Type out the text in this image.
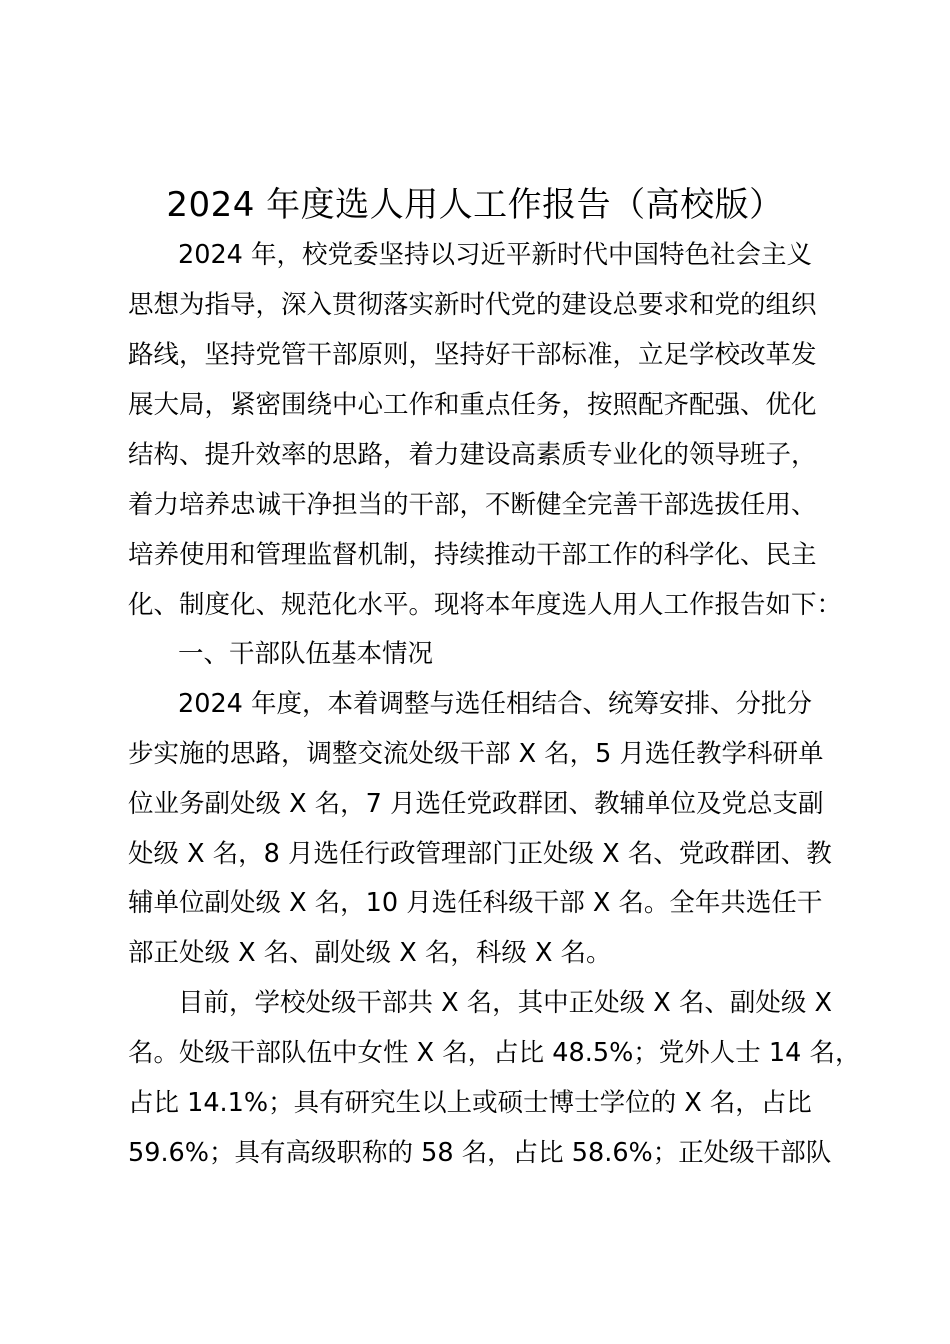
2024 年度选人用人工作报告（高校版）
2024 年，校党委坚持以习近平新时代中国特色社会主义
思想为指导，深入贯彻落实新时代党的建设总要求和党的组织
路线，坚持党管干部原则，坚持好干部标准，立足学校改革发
展大局，紧密围绕中心工作和重点任务，按照配齐配强、优化
结构、提升效率的思路，着力建设高素质专业化的领导班子，
着力培养忠诚干净担当的干部，不断健全完善干部选拔任用、
培养使用和管理监督机制，持续推动干部工作的科学化、民主
化、制度化、规范化水平。现将本年度选人用人工作报告如下：
一、干部队伍基本情况
2024 年度，本着调整与选任相结合、统筹安排、分批分
步实施的思路，调整交流处级干部 X 名，5 月选任教学科研单
位业务副处级 X 名，7 月选任党政群团、教辅单位及党总支副
处级 X 名，8 月选任行政管理部门正处级 X 名、党政群团、教
辅单位副处级 X 名，10 月选任科级干部 X 名。全年共选任干
部正处级 X 名、副处级 X 名，科级 X 名。
目前，学校处级干部共 X 名，其中正处级 X 名、副处级 X
名。处级干部队伍中女性 X 名，占比 48.5%；党外人士 14 名，
占比 14.1%；具有研究生以上或硕士博士学位的 X 名，占比
59.6%；具有高级职称的 58 名，占比 58.6%；正处级干部队
